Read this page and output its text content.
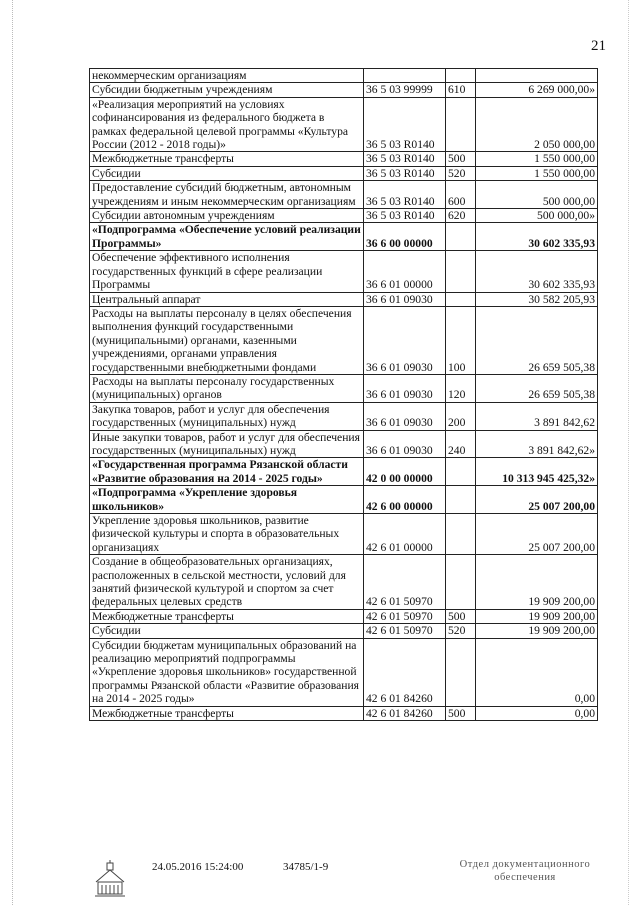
21
некоммерческим организациям			
Субсидии бюджетным учреждениям	36 5 03 99999	610	6 269 000,00»
«Реализация мероприятий на условиях софинансирования из федерального бюджета в рамках федеральной целевой программы «Культура России (2012 - 2018 годы)»	36 5 03 R0140		2 050 000,00
Межбюджетные трансферты	36 5 03 R0140	500	1 550 000,00
Субсидии	36 5 03 R0140	520	1 550 000,00
Предоставление субсидий бюджетным, автономным учреждениям и иным некоммерческим организациям	36 5 03 R0140	600	500 000,00
Субсидии автономным учреждениям	36 5 03 R0140	620	500 000,00»
«Подпрограмма «Обеспечение условий реализации Программы»	36 6 00 00000		30 602 335,93
Обеспечение эффективного исполнения государственных функций в сфере реализации Программы	36 6 01 00000		30 602 335,93
Центральный аппарат	36 6 01 09030		30 582 205,93
Расходы на выплаты персоналу в целях обеспечения выполнения функций государственными (муниципальными) органами, казенными учреждениями, органами управления государственными внебюджетными фондами	36 6 01 09030	100	26 659 505,38
Расходы на выплаты персоналу государственных (муниципальных) органов	36 6 01 09030	120	26 659 505,38
Закупка товаров, работ и услуг для обеспечения государственных (муниципальных) нужд	36 6 01 09030	200	3 891 842,62
Иные закупки товаров, работ и услуг для обеспечения государственных (муниципальных) нужд	36 6 01 09030	240	3 891 842,62»
«Государственная программа Рязанской области «Развитие образования на 2014 - 2025 годы»	42 0 00 00000		10 313 945 425,32»
«Подпрограмма «Укрепление здоровья школьников»	42 6 00 00000		25 007 200,00
Укрепление здоровья школьников, развитие физической культуры и спорта в образовательных организациях	42 6 01 00000		25 007 200,00
Создание в общеобразовательных организациях, расположенных в сельской местности, условий для занятий физической культурой и спортом за счет федеральных целевых средств	42 6 01 50970		19 909 200,00
Межбюджетные трансферты	42 6 01 50970	500	19 909 200,00
Субсидии	42 6 01 50970	520	19 909 200,00
Субсидии бюджетам муниципальных образований на реализацию мероприятий подпрограммы «Укрепление здоровья школьников» государственной программы Рязанской области «Развитие образования на 2014 - 2025 годы»	42 6 01 84260		0,00
Межбюджетные трансферты	42 6 01 84260	500	0,00
24.05.2016 15:24:00	34785/1-9	Отдел документационного
обеспечения
